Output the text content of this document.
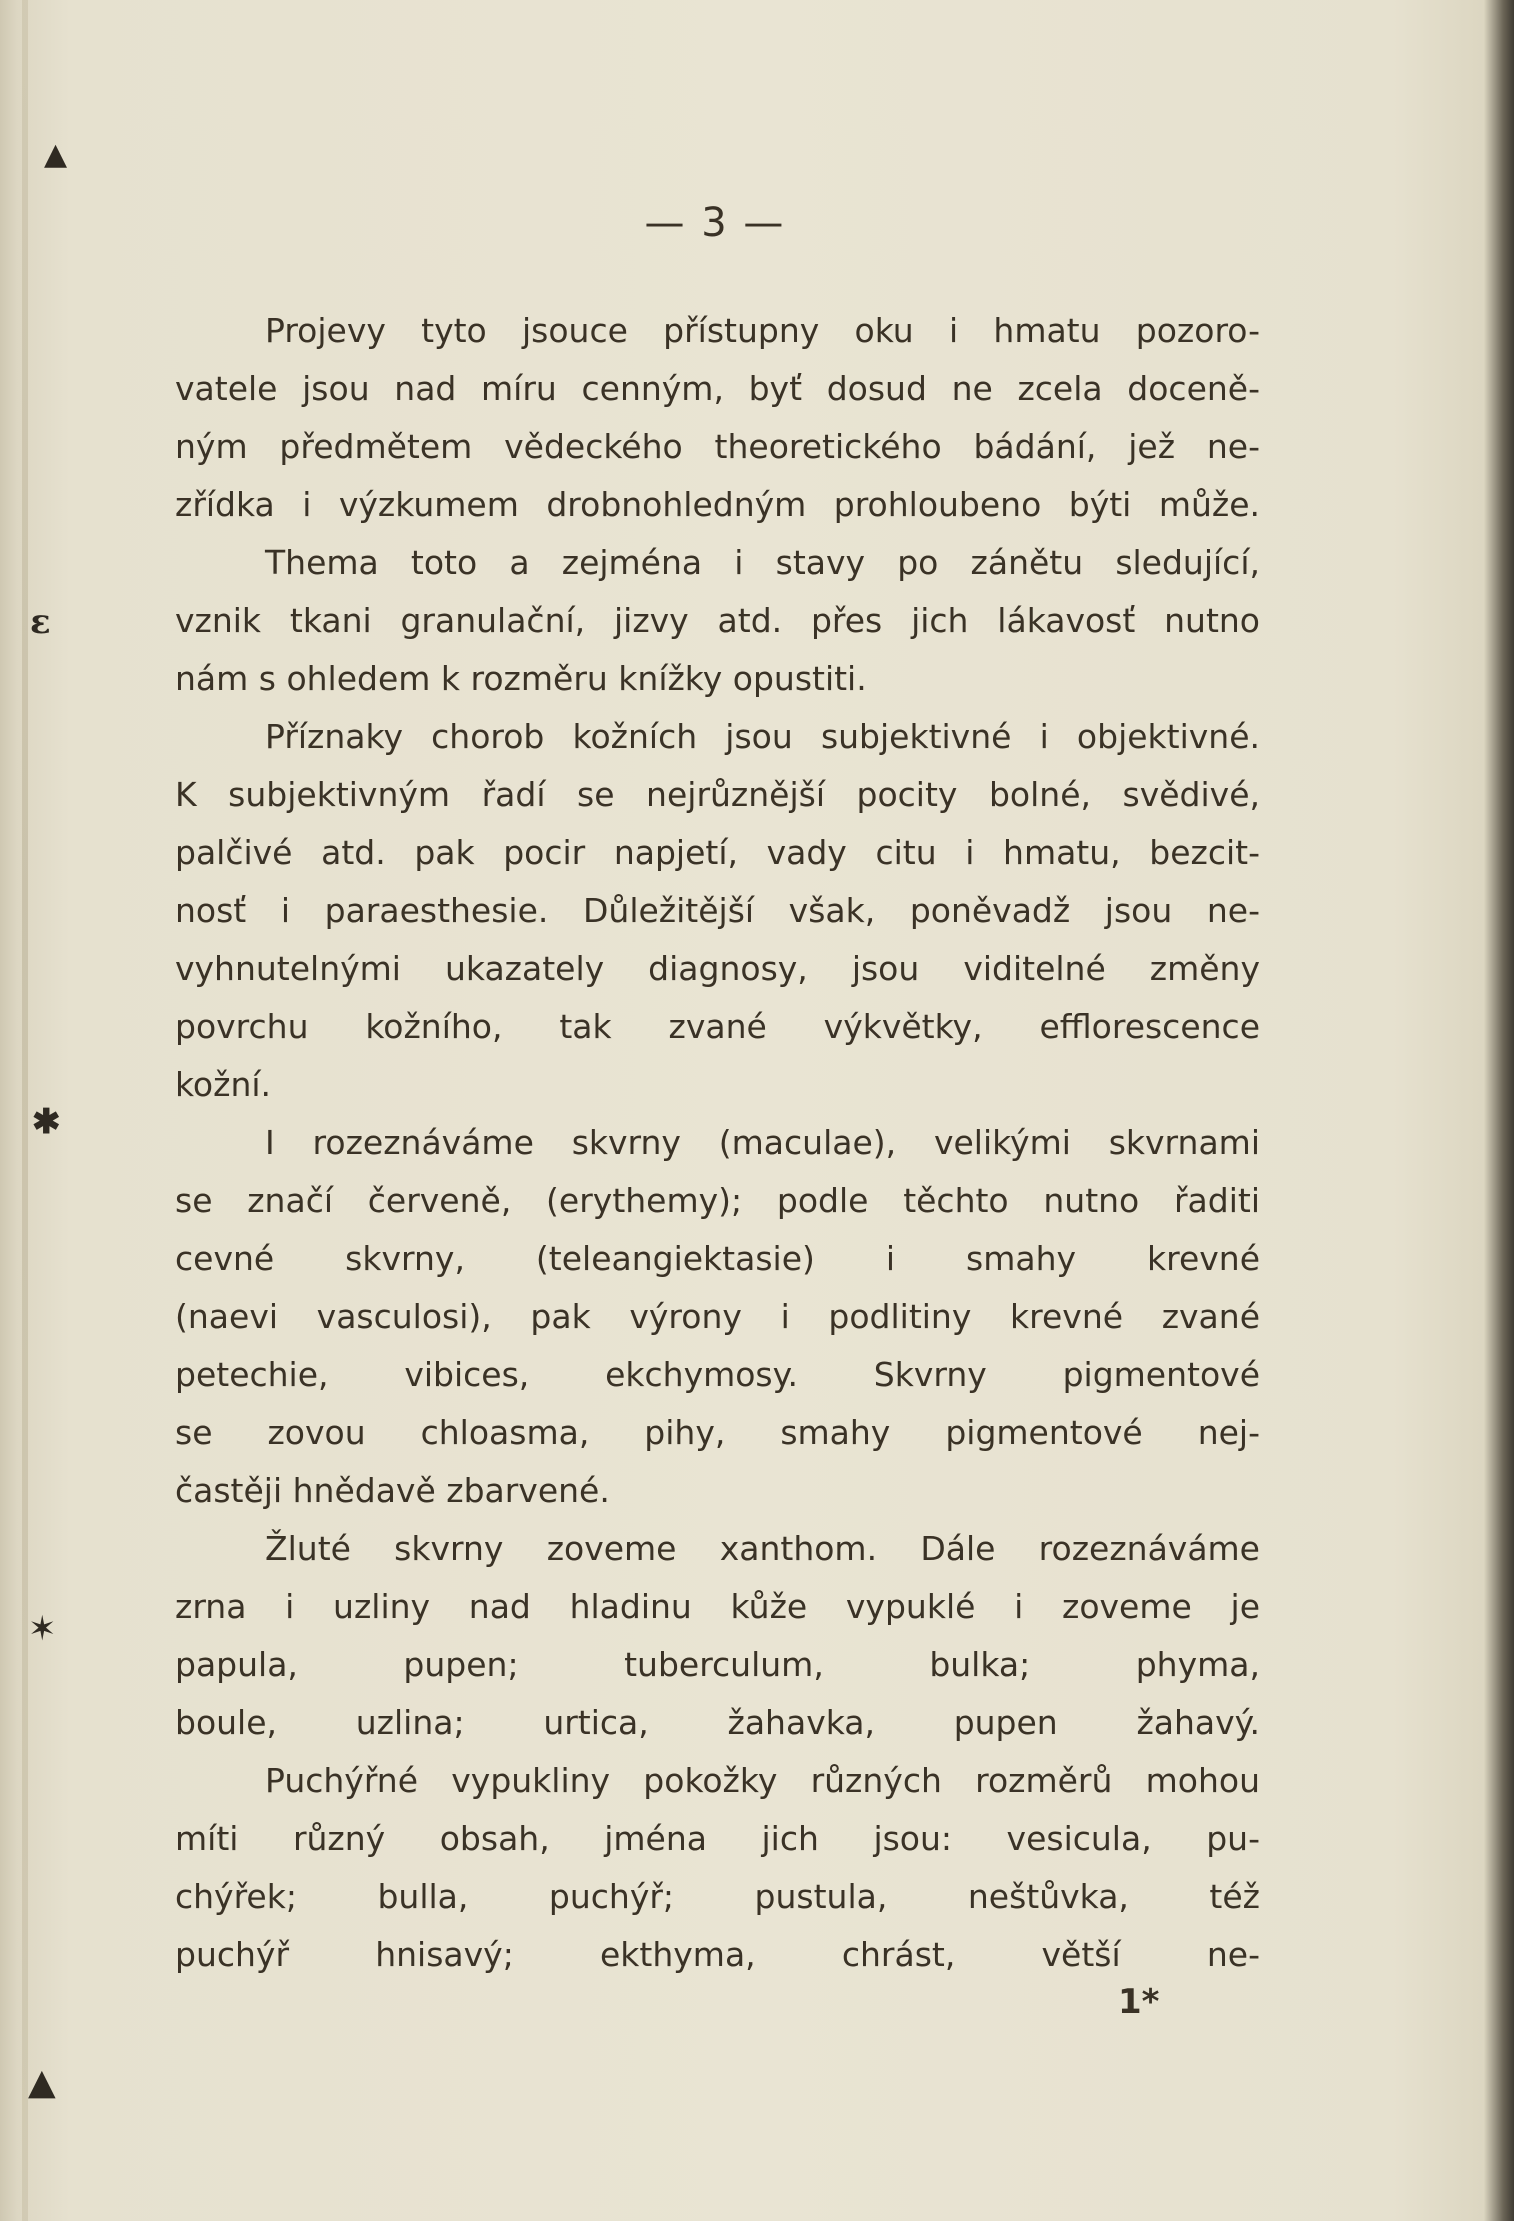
▲
ɛ
✱
✶
▲
— 3 —
Projevy tyto jsouce přístupny oku i hmatu pozoro-
vatele jsou nad míru cenným, byť dosud ne zcela doceně-
ným předmětem vědeckého theoretického bádání, jež ne-
zřídka i výzkumem drobnohledným prohloubeno býti může.
Thema toto a zejména i stavy po zánětu sledující,
vznik tkani granulační, jizvy atd. přes jich lákavosť nutno
nám s ohledem k rozměru knížky opustiti.
Příznaky chorob kožních jsou subjektivné i objektivné.
K subjektivným řadí se nejrůznější pocity bolné, svědivé,
palčivé atd. pak pocir napjetí, vady citu i hmatu, bezcit-
nosť i paraesthesie. Důležitější však, poněvadž jsou ne-
vyhnutelnými ukazately diagnosy, jsou viditelné změny
povrchu kožního, tak zvané výkvětky, efflorescence
kožní.
I rozeznáváme skvrny (maculae), velikými skvrnami
se značí červeně, (erythemy); podle těchto nutno řaditi
cevné skvrny, (teleangiektasie) i smahy krevné
(naevi vasculosi), pak výrony i podlitiny krevné zvané
petechie, vibices, ekchymosy. Skvrny pigmentové
se zovou chloasma, pihy, smahy pigmentové nej-
častěji hnědavě zbarvené.
Žluté skvrny zoveme xanthom. Dále rozeznáváme
zrna i uzliny nad hladinu kůže vypuklé i zoveme je
papula, pupen; tuberculum, bulka; phyma,
boule, uzlina; urtica, žahavka, pupen žahavý.
Puchýřné vypukliny pokožky různých rozměrů mohou
míti různý obsah, jména jich jsou: vesicula, pu-
chýřek; bulla, puchýř; pustula, neštůvka, též
puchýř hnisavý; ekthyma, chrást, větší ne-
1*
